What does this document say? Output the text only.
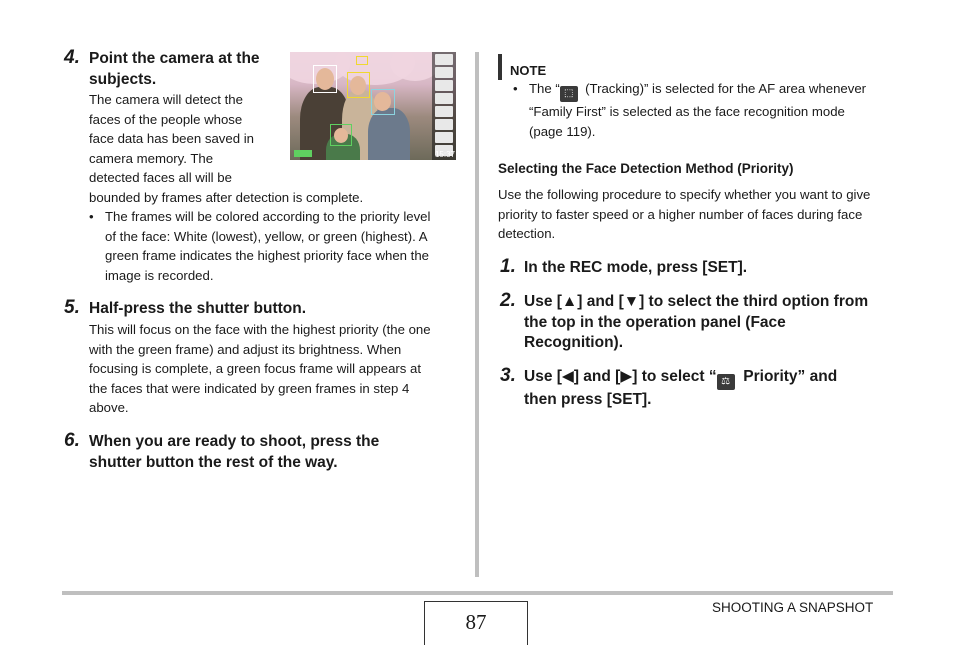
4. Point the camera at the
subjects.
The camera will detect the
faces of the people whose
face data has been saved in
camera memory. The
detected faces all will be
bounded by frames after detection is complete.
• The frames will be colored according to the priority level
of the face: White (lowest), yellow, or green (highest). A
green frame indicates the highest priority face when the
image is recorded.
15:37
5. Half-press the shutter button.
This will focus on the face with the highest priority (the one
with the green frame) and adjust its brightness. When
focusing is complete, a green focus frame will appears at
the faces that were indicated by green frames in step 4
above.
6. When you are ready to shoot, press the
shutter button the rest of the way.
NOTE
• The “ ⬚ (Tracking)” is selected for the AF area whenever
“Family First” is selected as the face recognition mode
(page 119).
Selecting the Face Detection Method (Priority)
Use the following procedure to specify whether you want to give
priority to faster speed or a higher number of faces during face
detection.
1. In the REC mode, press [SET].
2. Use [▲] and [▼] to select the third option from
the top in the operation panel (Face
Recognition).
3. Use [◀] and [▶] to select “ ⚖ Priority” and
then press [SET].
87
SHOOTING A SNAPSHOT
